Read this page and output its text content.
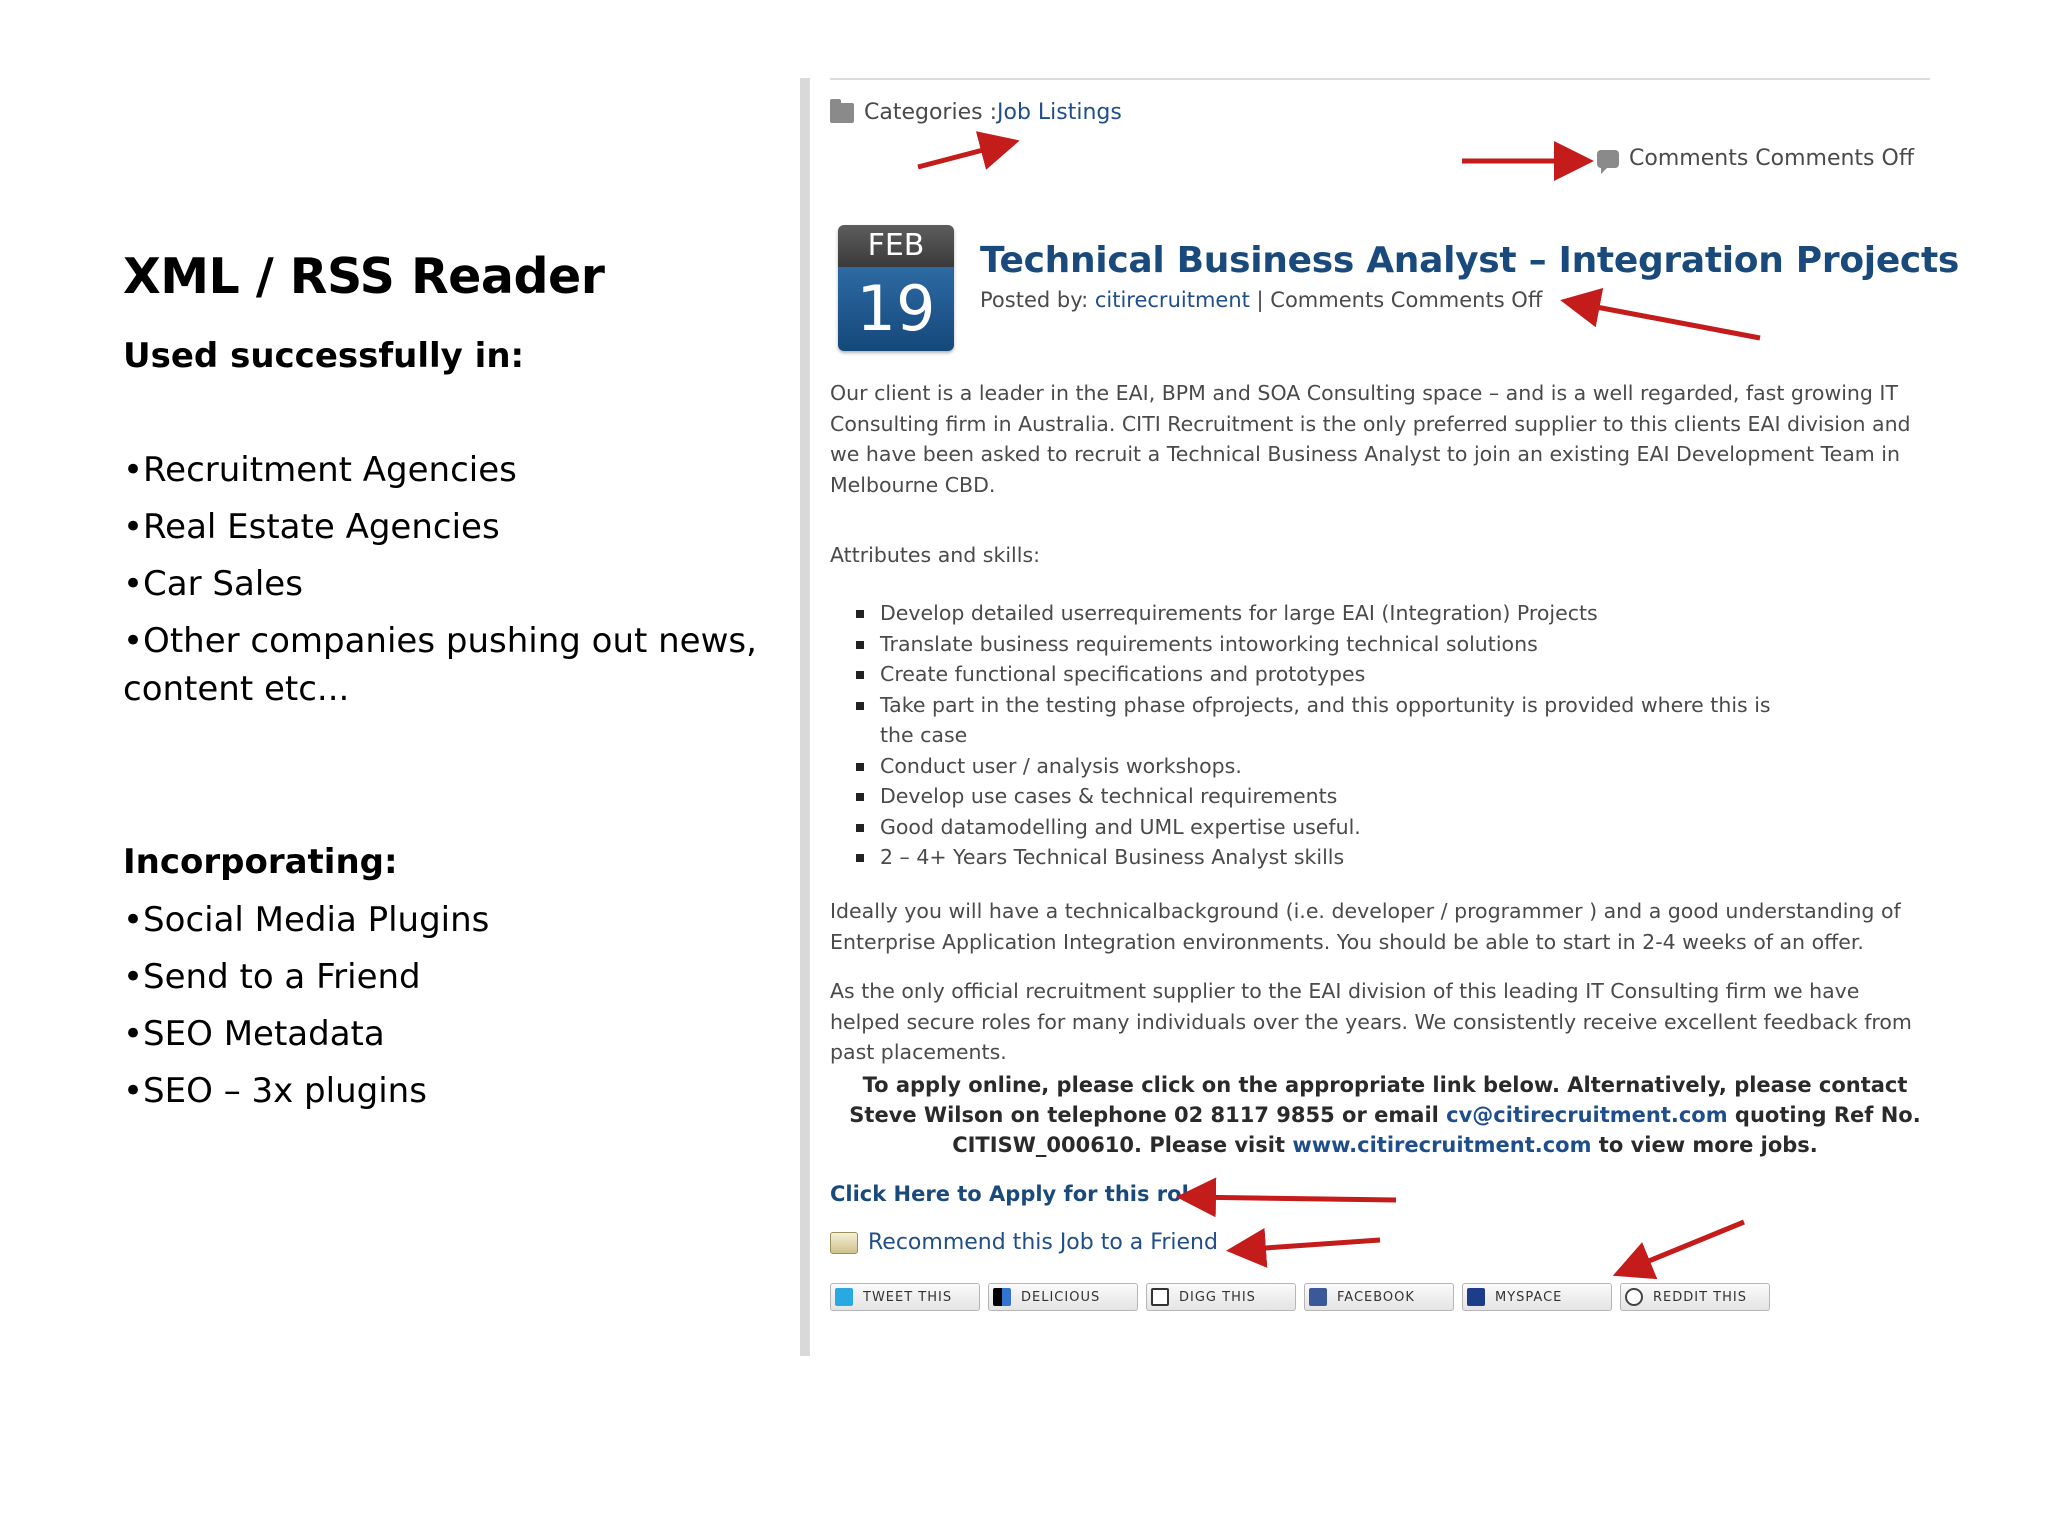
XML / RSS Reader
Used successfully in:
•Recruitment Agencies
•Real Estate Agencies
•Car Sales
•Other companies pushing out news, content etc...
Incorporating:
•Social Media Plugins
•Send to a Friend
•SEO Metadata
•SEO – 3x plugins
Categories : Job Listings
Comments Comments Off
FEB
19
Technical Business Analyst – Integration Projects
Posted by: citirecruitment | Comments Comments Off

Our client is a leader in the EAI, BPM and SOA Consulting space – and is a well regarded, fast growing IT Consulting firm in Australia. CITI Recruitment is the only preferred supplier to this clients EAI division and we have been asked to recruit a Technical Business Analyst to join an existing EAI Development Team in Melbourne CBD.

Attributes and skills:

Develop detailed userrequirements for large EAI (Integration) Projects
Translate business requirements intoworking technical solutions
Create functional specifications and prototypes
Take part in the testing phase ofprojects, and this opportunity is provided where this is the case
Conduct user / analysis workshops.
Develop use cases & technical requirements
Good datamodelling and UML expertise useful.
2 – 4+ Years Technical Business Analyst skills

Ideally you will have a technicalbackground (i.e. developer / programmer ) and a good understanding of Enterprise Application Integration environments. You should be able to start in 2-4 weeks of an offer.

As the only official recruitment supplier to the EAI division of this leading IT Consulting firm we have helped secure roles for many individuals over the years. We consistently receive excellent feedback from past placements.

To apply online, please click on the appropriate link below. Alternatively, please contact Steve Wilson on telephone 02 8117 9855 or email cv@citirecruitment.com quoting Ref No. CITISW_000610. Please visit www.citirecruitment.com to view more jobs.
Click Here to Apply for this role
Recommend this Job to a Friend
TWEET THIS	DELICIOUS	DIGG THIS	FACEBOOK	MYSPACE	REDDIT THIS
